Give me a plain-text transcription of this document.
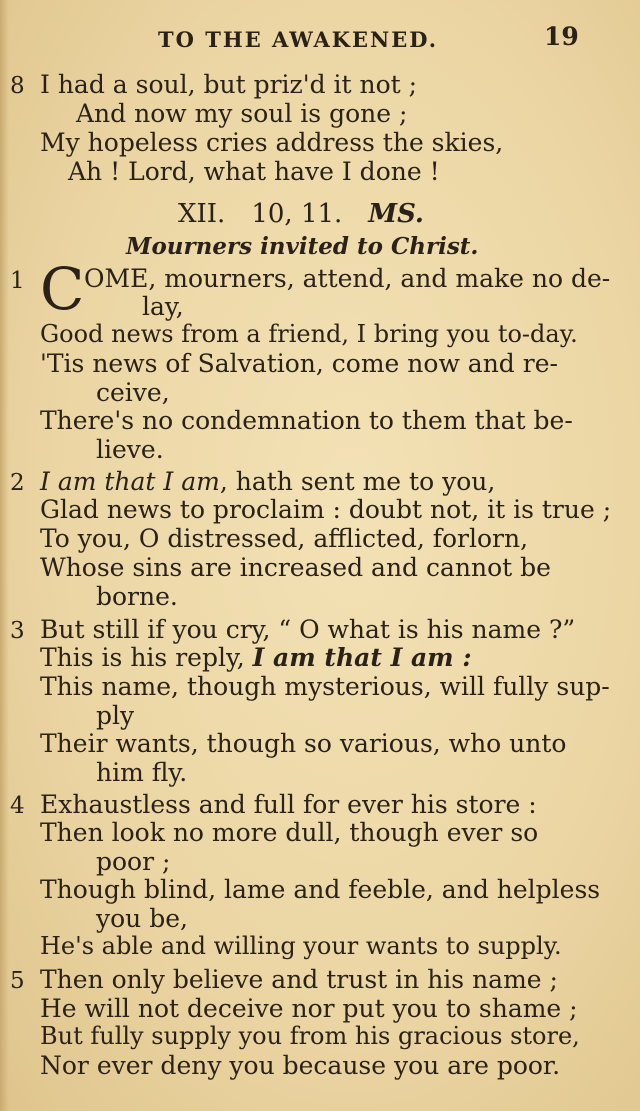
TO THE AWAKENED.	19
8 I had a soul, but priz'd it not ;
And now my soul is gone ;
My hopeless cries address the skies,
Ah ! Lord, what have I done !
XII. 10, 11. MS.
Mourners invited to Christ.
1 C OME, mourners, attend, and make no de-
lay,
Good news from a friend, I bring you to-day.
'Tis news of Salvation, come now and re-
ceive,
There's no condemnation to them that be-
lieve.
2 I am that I am, hath sent me to you,
Glad news to proclaim : doubt not, it is true ;
To you, O distressed, afflicted, forlorn,
Whose sins are increased and cannot be
borne.
3 But still if you cry, “ O what is his name ?”
This is his reply, I am that I am :
This name, though mysterious, will fully sup-
ply
Their wants, though so various, who unto
him fly.
4 Exhaustless and full for ever his store :
Then look no more dull, though ever so
poor ;
Though blind, lame and feeble, and helpless
you be,
He's able and willing your wants to supply.
5 Then only believe and trust in his name ;
He will not deceive nor put you to shame ;
But fully supply you from his gracious store,
Nor ever deny you because you are poor.
